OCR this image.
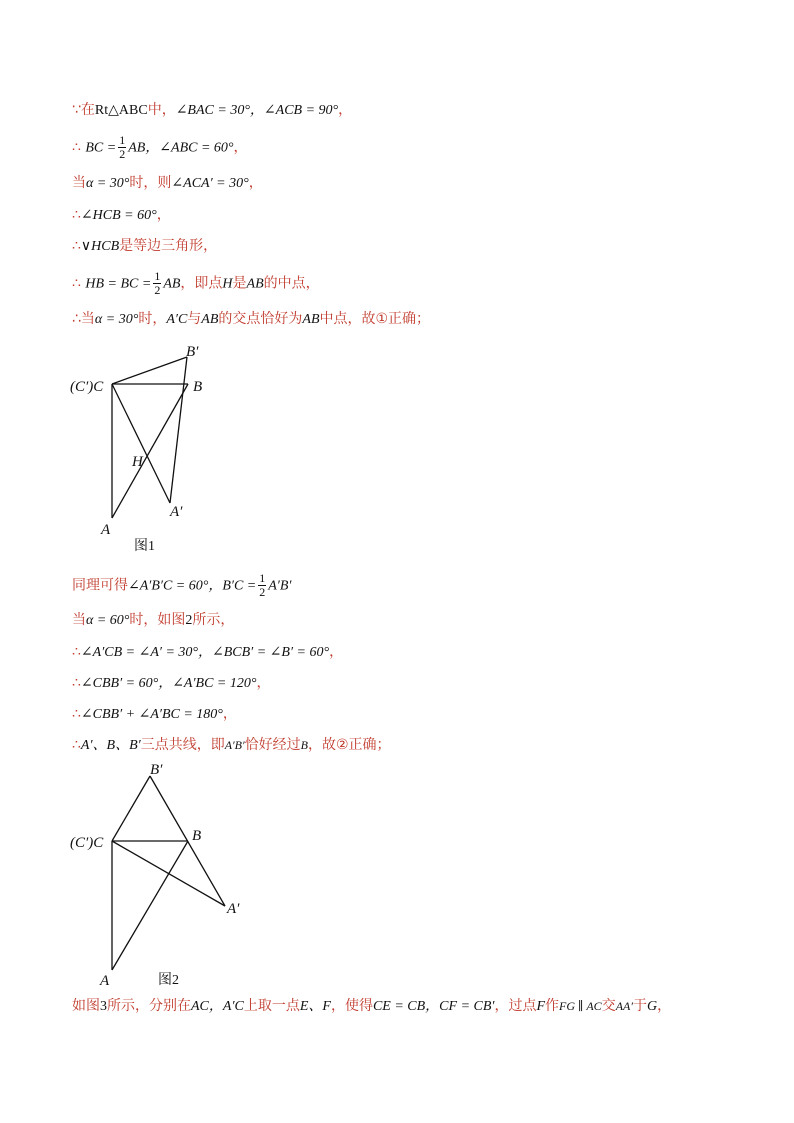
∵在Rt△ABC中，∠BAC = 30°，∠ACB = 90°，
∴ BC = $\frac{1}{2}$ AB，∠ABC = 60°，
当α = 30°时，则∠ACA′ = 30°，
∴∠HCB = 60°，
∴∨HCB是等边三角形，
∴ HB = BC = $\frac{1}{2}$ AB，即点H是AB的中点，
∴当α = 30°时，A′C与AB的交点恰好为AB中点，故①正确；
B′
(C′)C	B
H
A′
A
图1
同理可得∠A′B′C = 60°，$B'C = \frac{1}{2} A'B'$
当α = 60°时，如图2所示，
∴∠A′CB = ∠A′ = 30°，∠BCB′ = ∠B′ = 60°，
∴∠CBB′ = 60°，∠A′BC = 120°，
∴∠CBB′ + ∠A′BC = 180°，
∴A′、B、B′三点共线，即A′B′恰好经过B，故②正确；
B′
(C′)C	B
A′
A	图2
如图3所示，分别在AC，A′C上取一点E、F，使得CE = CB，CF = CB′，过点F作FG ∥ AC交AA′于G，
